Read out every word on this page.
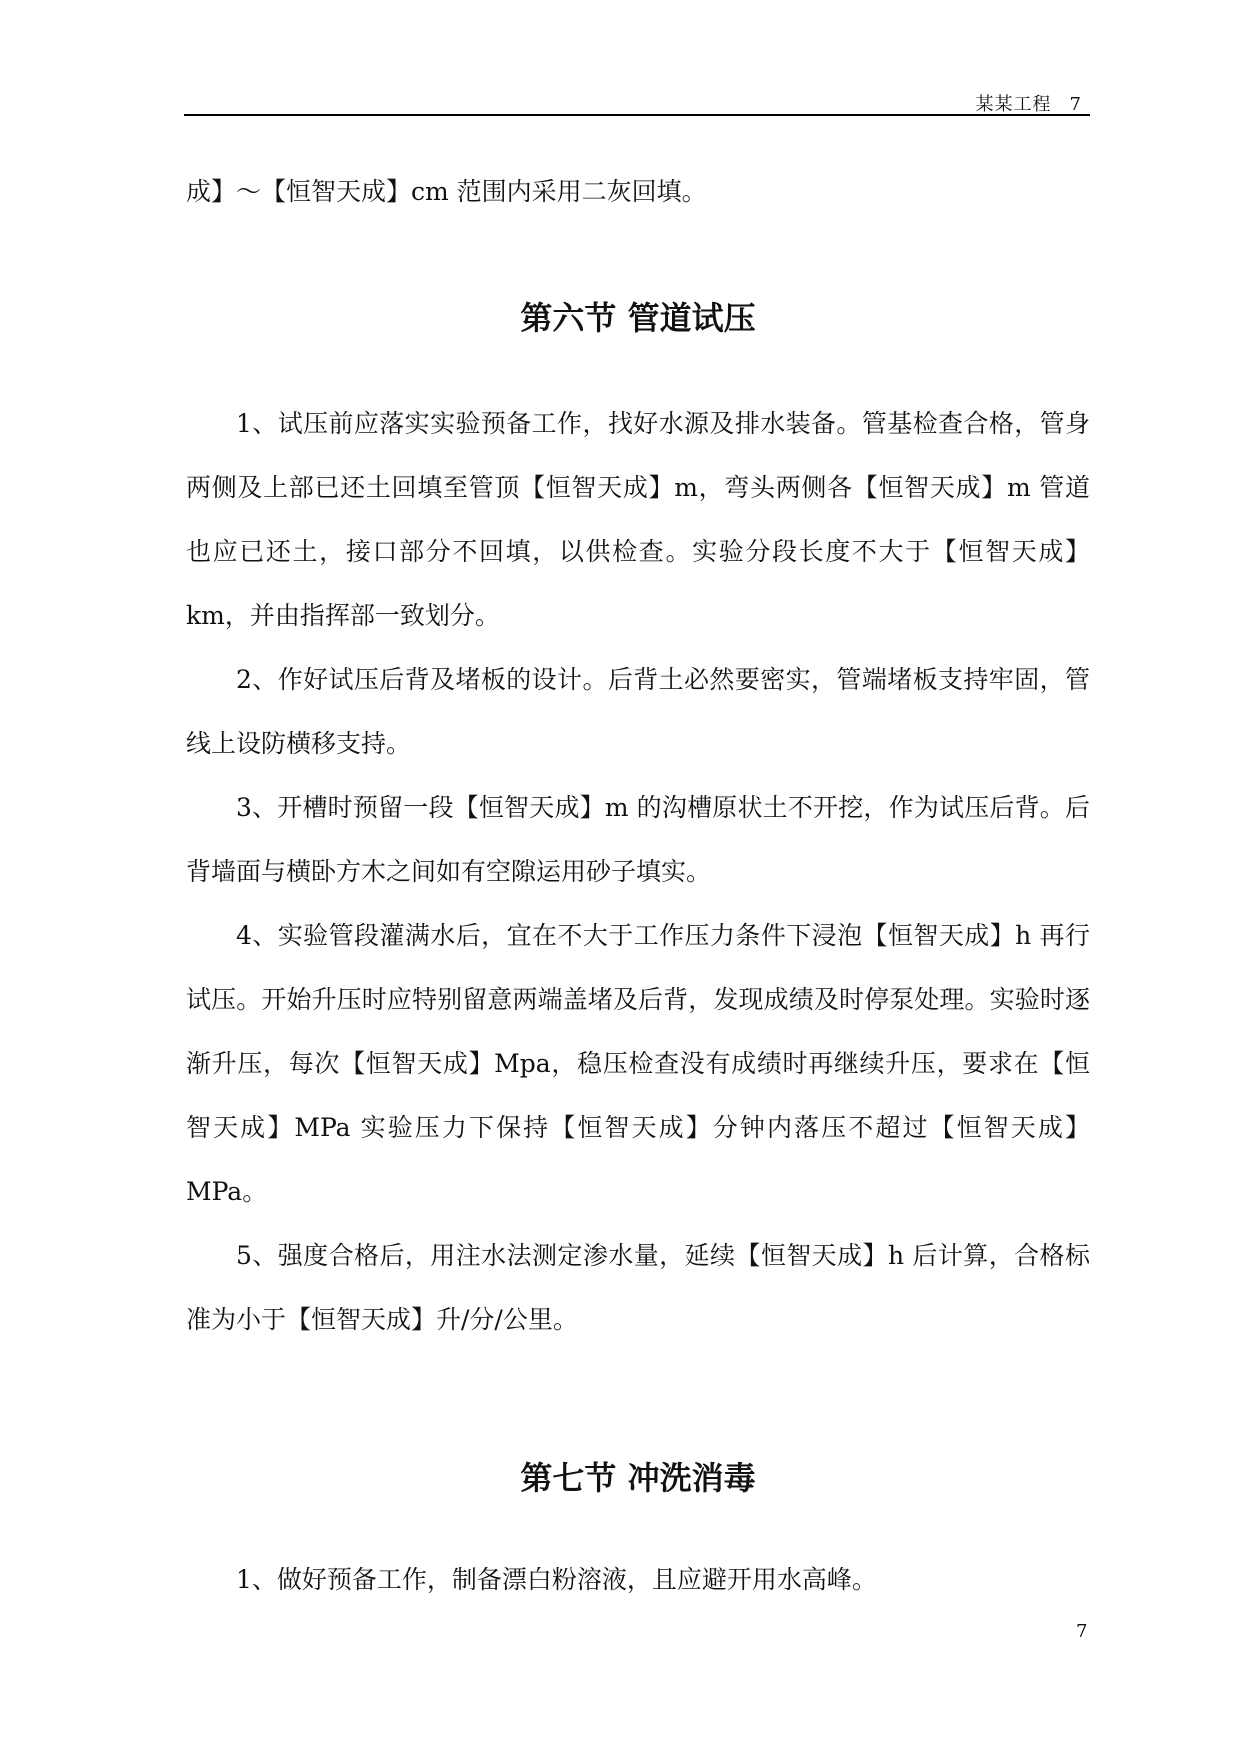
某某工程 7

成】～【恒智天成】cm 范围内采用二灰回填。

第六节 管道试压

1、试压前应落实实验预备工作，找好水源及排水装备。管基检查合格，管身两侧及上部已还土回填至管顶【恒智天成】m，弯头两侧各【恒智天成】m 管道也应已还土，接口部分不回填，以供检查。实验分段长度不大于【恒智天成】km，并由指挥部一致划分。

2、作好试压后背及堵板的设计。后背土必然要密实，管端堵板支持牢固，管线上设防横移支持。

3、开槽时预留一段【恒智天成】m 的沟槽原状土不开挖，作为试压后背。后背墙面与横卧方木之间如有空隙运用砂子填实。

4、实验管段灌满水后，宜在不大于工作压力条件下浸泡【恒智天成】h 再行试压。开始升压时应特别留意两端盖堵及后背，发现成绩及时停泵处理。实验时逐渐升压，每次【恒智天成】Mpa，稳压检查没有成绩时再继续升压，要求在【恒智天成】MPa 实验压力下保持【恒智天成】分钟内落压不超过【恒智天成】MPa。

5、强度合格后，用注水法测定渗水量，延续【恒智天成】h 后计算，合格标准为小于【恒智天成】升/分/公里。

第七节 冲洗消毒

1、做好预备工作，制备漂白粉溶液，且应避开用水高峰。

7
